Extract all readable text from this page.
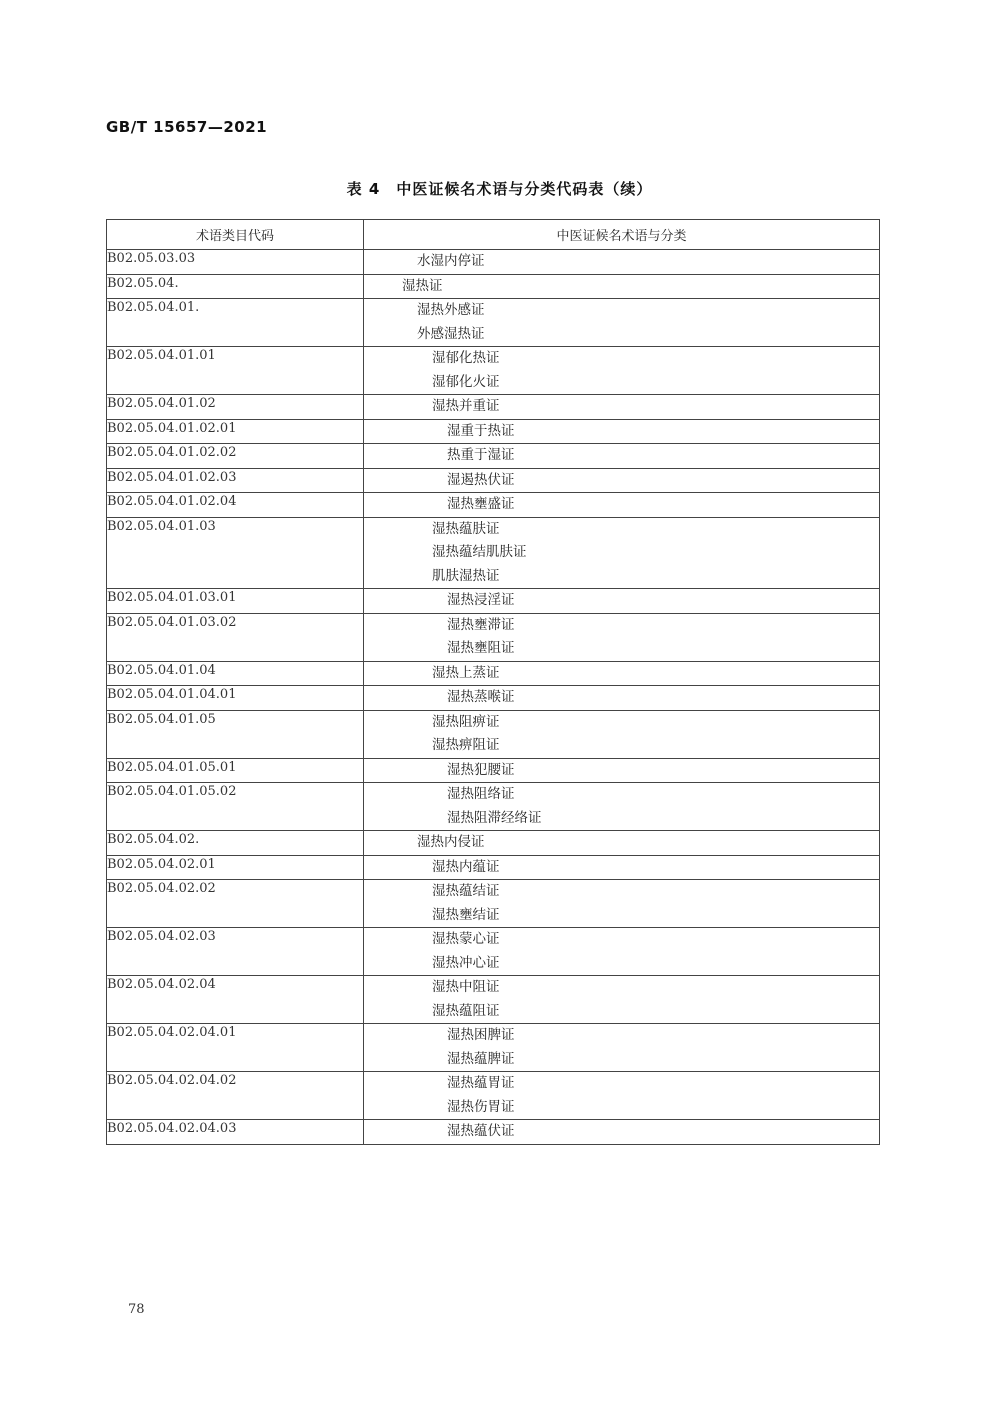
GB/T 15657—2021
表 4　中医证候名术语与分类代码表（续）
术语类目代码	中医证候名术语与分类
B02.05.03.03	水湿内停证

B02.05.04.	湿热证

B02.05.04.01.	湿热外感证
外感湿热证

B02.05.04.01.01	湿郁化热证
湿郁化火证

B02.05.04.01.02	湿热并重证

B02.05.04.01.02.01	湿重于热证

B02.05.04.01.02.02	热重于湿证

B02.05.04.01.02.03	湿遏热伏证

B02.05.04.01.02.04	湿热壅盛证

B02.05.04.01.03	湿热蕴肤证
湿热蕴结肌肤证
肌肤湿热证

B02.05.04.01.03.01	湿热浸淫证

B02.05.04.01.03.02	湿热壅滞证
湿热壅阻证

B02.05.04.01.04	湿热上蒸证

B02.05.04.01.04.01	湿热蒸喉证

B02.05.04.01.05	湿热阻痹证
湿热痹阻证

B02.05.04.01.05.01	湿热犯腰证

B02.05.04.01.05.02	湿热阻络证
湿热阻滞经络证

B02.05.04.02.	湿热内侵证

B02.05.04.02.01	湿热内蕴证

B02.05.04.02.02	湿热蕴结证
湿热壅结证

B02.05.04.02.03	湿热蒙心证
湿热冲心证

B02.05.04.02.04	湿热中阻证
湿热蕴阻证

B02.05.04.02.04.01	湿热困脾证
湿热蕴脾证

B02.05.04.02.04.02	湿热蕴胃证
湿热伤胃证

B02.05.04.02.04.03	湿热蕴伏证
78
